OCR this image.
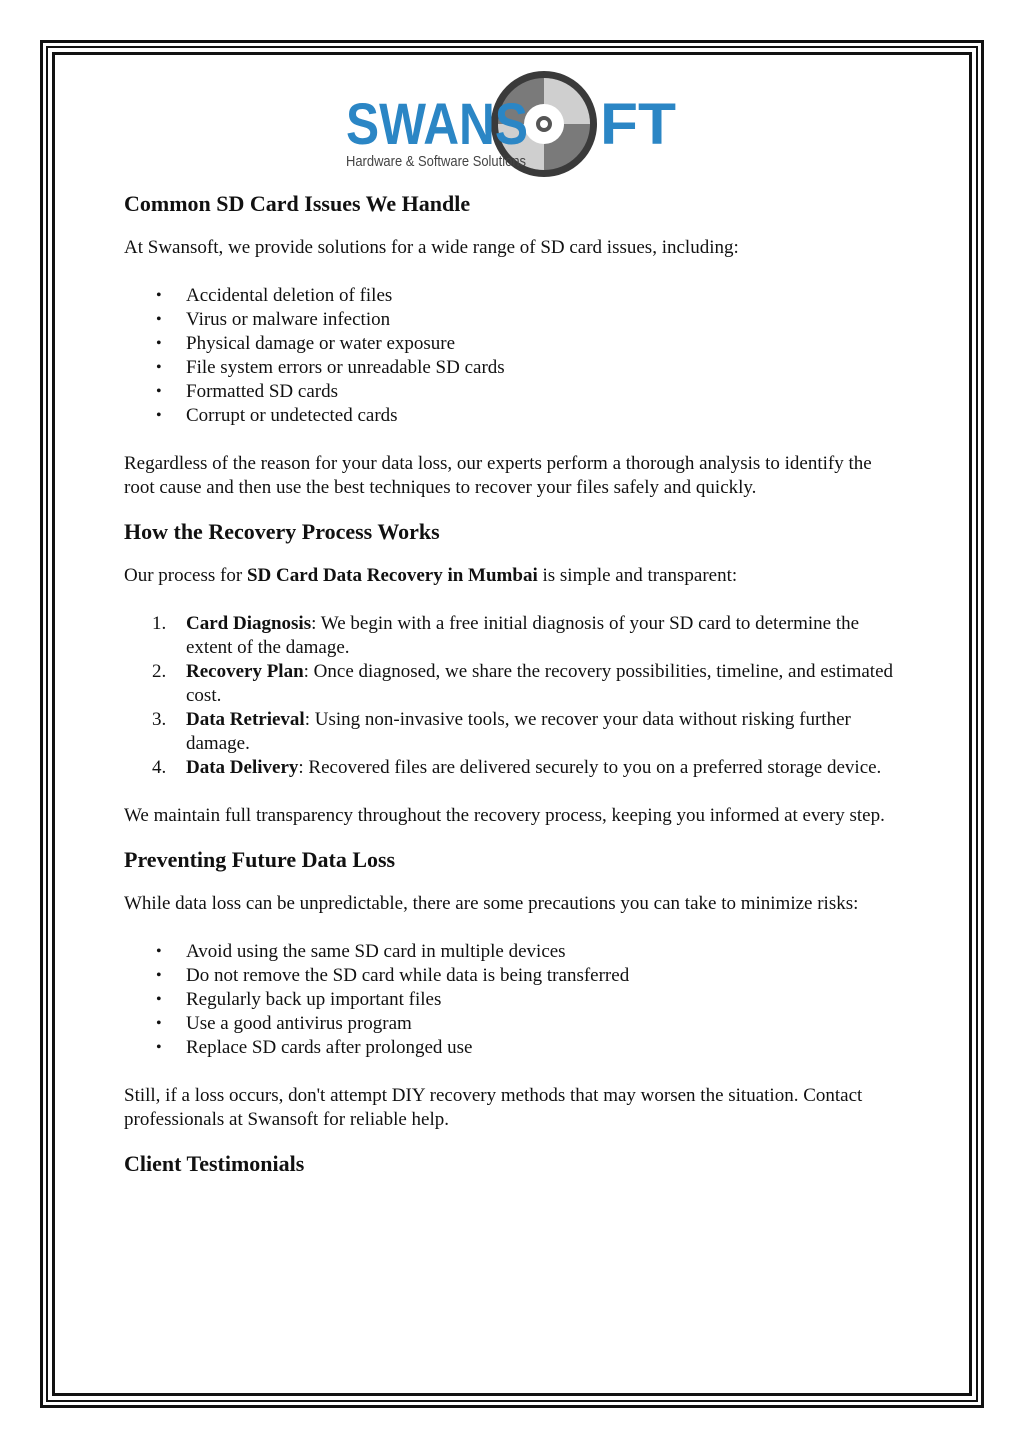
SWANS FT
Hardware & Software Solutions
Common SD Card Issues We Handle

At Swansoft, we provide solutions for a wide range of SD card issues, including:

• Accidental deletion of files
• Virus or malware infection
• Physical damage or water exposure
• File system errors or unreadable SD cards
• Formatted SD cards
• Corrupt or undetected cards

Regardless of the reason for your data loss, our experts perform a thorough analysis to identify the root cause and then use the best techniques to recover your files safely and quickly.

How the Recovery Process Works

Our process for SD Card Data Recovery in Mumbai is simple and transparent:

1. Card Diagnosis: We begin with a free initial diagnosis of your SD card to determine the extent of the damage.
2. Recovery Plan: Once diagnosed, we share the recovery possibilities, timeline, and estimated cost.
3. Data Retrieval: Using non-invasive tools, we recover your data without risking further damage.
4. Data Delivery: Recovered files are delivered securely to you on a preferred storage device.

We maintain full transparency throughout the recovery process, keeping you informed at every step.

Preventing Future Data Loss

While data loss can be unpredictable, there are some precautions you can take to minimize risks:

• Avoid using the same SD card in multiple devices
• Do not remove the SD card while data is being transferred
• Regularly back up important files
• Use a good antivirus program
• Replace SD cards after prolonged use

Still, if a loss occurs, don't attempt DIY recovery methods that may worsen the situation. Contact professionals at Swansoft for reliable help.

Client Testimonials
